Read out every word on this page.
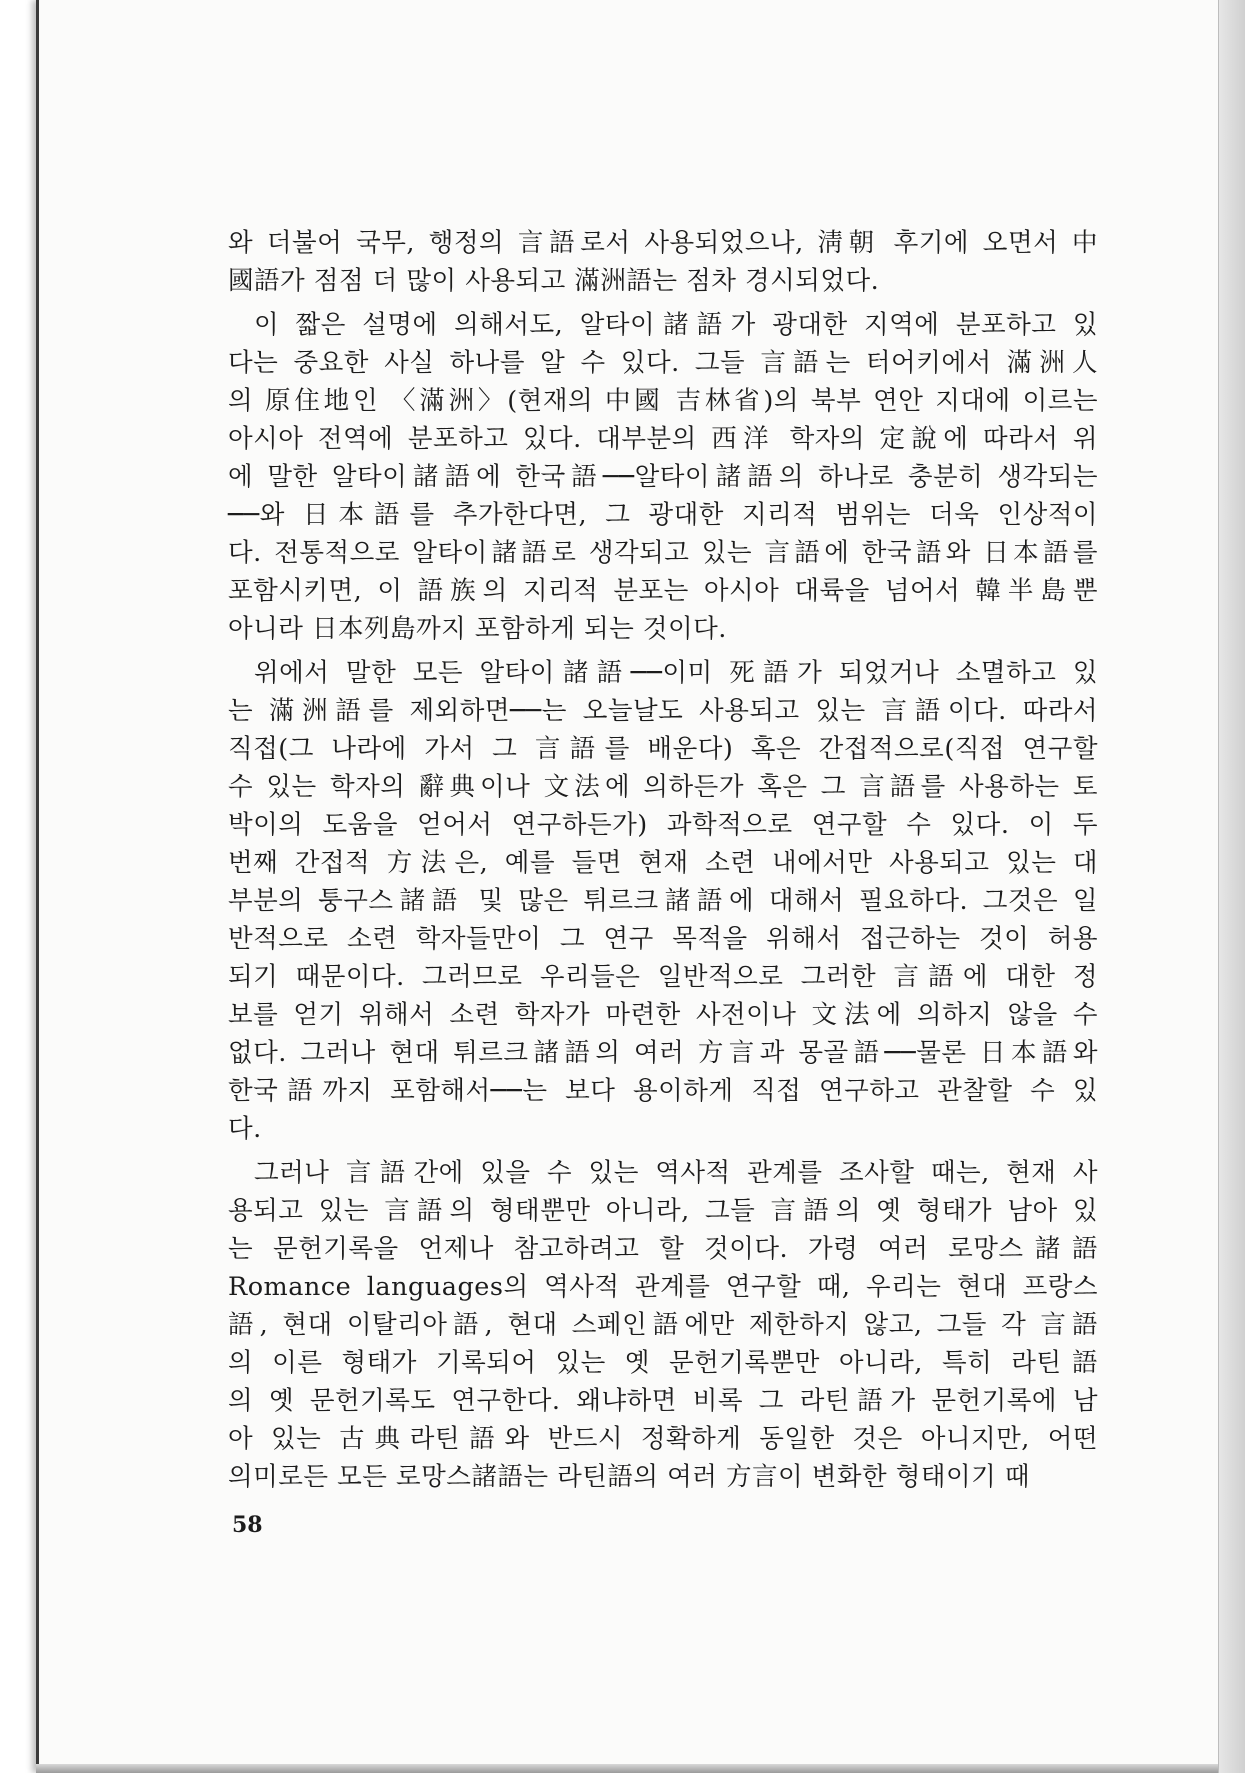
와 더불어 국무, 행정의 言語로서 사용되었으나, 淸朝 후기에 오면서 中
國語가 점점 더 많이 사용되고 滿洲語는 점차 경시되었다.
이 짧은 설명에 의해서도, 알타이諸語가 광대한 지역에 분포하고 있
다는 중요한 사실 하나를 알 수 있다. 그들 言語는 터어키에서 滿洲人
의 原住地인 〈滿洲〉(현재의 中國 吉林省)의 북부 연안 지대에 이르는
아시아 전역에 분포하고 있다. 대부분의 西洋 학자의 定說에 따라서 위
에 말한 알타이諸語에 한국語──알타이諸語의 하나로 충분히 생각되는
──와 日本語를 추가한다면, 그 광대한 지리적 범위는 더욱 인상적이
다. 전통적으로 알타이諸語로 생각되고 있는 言語에 한국語와 日本語를
포함시키면, 이 語族의 지리적 분포는 아시아 대륙을 넘어서 韓半島뿐
아니라 日本列島까지 포함하게 되는 것이다.
위에서 말한 모든 알타이諸語──이미 死語가 되었거나 소멸하고 있
는 滿洲語를 제외하면──는 오늘날도 사용되고 있는 言語이다. 따라서
직접(그 나라에 가서 그 言語를 배운다) 혹은 간접적으로(직접 연구할
수 있는 학자의 辭典이나 文法에 의하든가 혹은 그 言語를 사용하는 토
박이의 도움을 얻어서 연구하든가) 과학적으로 연구할 수 있다. 이 두
번째 간접적 方法은, 예를 들면 현재 소련 내에서만 사용되고 있는 대
부분의 퉁구스諸語 및 많은 튀르크諸語에 대해서 필요하다. 그것은 일
반적으로 소련 학자들만이 그 연구 목적을 위해서 접근하는 것이 허용
되기 때문이다. 그러므로 우리들은 일반적으로 그러한 言語에 대한 정
보를 얻기 위해서 소련 학자가 마련한 사전이나 文法에 의하지 않을 수
없다. 그러나 현대 튀르크諸語의 여러 方言과 몽골語──물론 日本語와
한국語까지 포함해서──는 보다 용이하게 직접 연구하고 관찰할 수 있
다.
그러나 言語간에 있을 수 있는 역사적 관계를 조사할 때는, 현재 사
용되고 있는 言語의 형태뿐만 아니라, 그들 言語의 옛 형태가 남아 있
는 문헌기록을 언제나 참고하려고 할 것이다. 가령 여러 로망스諸語
Romance languages의 역사적 관계를 연구할 때, 우리는 현대 프랑스
語, 현대 이탈리아語, 현대 스페인語에만 제한하지 않고, 그들 각 言語
의 이른 형태가 기록되어 있는 옛 문헌기록뿐만 아니라, 특히 라틴語
의 옛 문헌기록도 연구한다. 왜냐하면 비록 그 라틴語가 문헌기록에 남
아 있는 古典라틴語와 반드시 정확하게 동일한 것은 아니지만, 어떤
의미로든 모든 로망스諸語는 라틴語의 여러 方言이 변화한 형태이기 때
58
